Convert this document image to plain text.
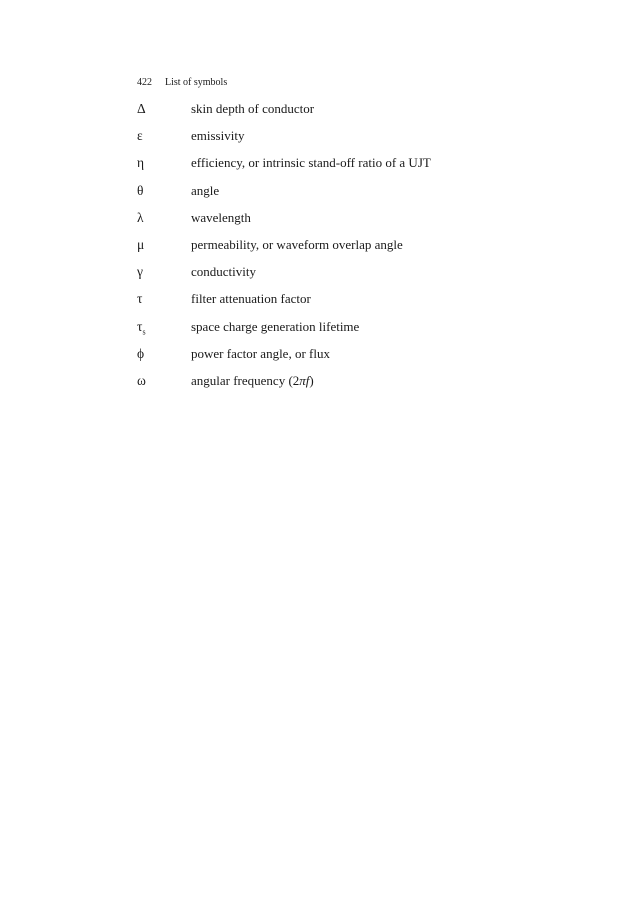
422 List of symbols
Δ	skin depth of conductor
ε	emissivity
η	efficiency, or intrinsic stand-off ratio of a UJT
θ	angle
λ	wavelength
μ	permeability, or waveform overlap angle
γ	conductivity
τ	filter attenuation factor
$\tau_s$	space charge generation lifetime
ϕ	power factor angle, or flux
ω	angular frequency (2πf)
